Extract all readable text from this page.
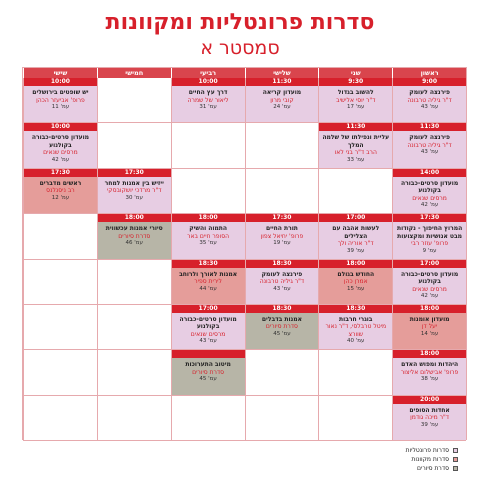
סדרות פרונטליות ומקוונות
סמסטר א
ראשון
שני
שלישי
רביעי
חמישי
שישי
9:00
פירנצה לעומק
ד"ר גיליה טרבונה
עמ' 43
9:30
להשוב בגדול
ד"ר יוסי אלישיב
עמ' 17
11:30
מועדון קריאה
קובי מרון
עמ' 24
10:00
דרך עץ החיים
ליאור של שמרה
עמ' 31
10:00
יש שופטים בירושלים
פרופ' אביעזר הכהן
עמ' 11
11:30
פירנצה לעומק
ד"ר גיליה טרבונה
עמ' 43
11:30
עליית ונפילתו של שלמה המלך
הרב ד"ר בני לאו
עמ' 33
10:00
מועדון סרטים-כבורה בקולנוע
מרסים שנאים
עמ' 42
14:00
מועדון סרטים-כבורה בקולנוע
מרסים שנאים
עמ' 42
17:30
ייזיש בין אמנות למחר
ד"ר מרדכי יושקובסקי
עמ' 30
17:30
ראשים מדברים
רב ניסנלנס
עמ' 12
17:30
המרוץ החיפוך - נקודות מבט אנושיות ומקצועות
פרופ' עוזר רבי
עמ' 9
17:00
לעשות אהבה עם הצלילים
ד"ר אוריה ולך
עמ' 39
17:30
תורת החיים
פרופ' יחיאל צפון
עמ' 19
18:00
התמוה והשיק
הסופר חיים באר
עמ' 35
18:00
סיורי אמנות עכשווית
סדרת סיורים
עמ' 46
17:00
מועדון סרטים-כבורה בקולנוע
מרסים שנאים
עמ' 42
18:00
החודש בגולם
אמרן כהן
עמ' 15
18:30
פירנצה לעומק
ד"ר גיליה טרבונה
עמ' 43
18:30
אמנות לאורך ולרוחב
לירית ספיר
עמ' 44
18:00
מועדון אומנות
יעל דן
עמ' 14
18:30
בוגרי חרבות
מיטל טרבלסי, ד"ר נאור שוורצ
עמ' 40
18:30
אמנות בדבלים
סדרת סיורים
עמ' 45
17:00
מועדון סרטים-כבורה בקולנוע
מרסים שנאים
עמ' 43
18:00
היהדות ומפוש האדם
פרופ' אבישלום אליצור
עמ' 38
מיטוב התערוכות
סדרת סיורים
עמ' 45
20:00
אחדות הסופים
ד"ר מיכה גודמן
עמ' 39
סדרות פרונטליות
סדרות מקוונות
סדרת סיורים
